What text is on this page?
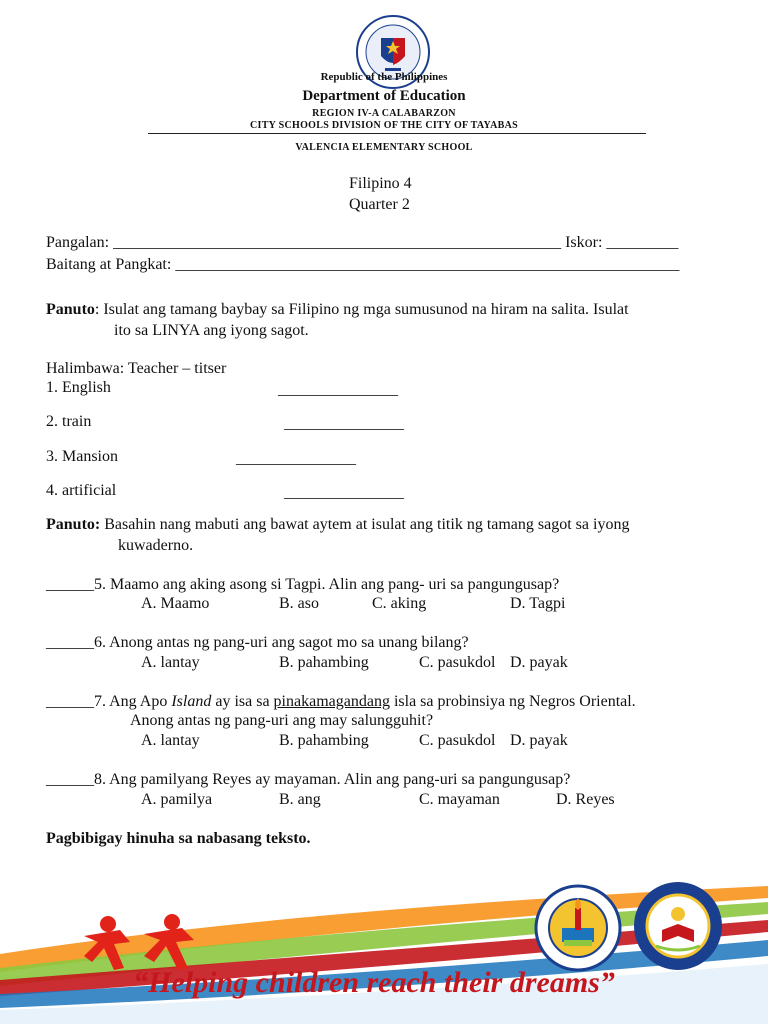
Republic of the Philippines
Department of Education
REGION IV-A CALABARZON
CITY SCHOOLS DIVISION OF THE CITY OF TAYABAS
VALENCIA ELEMENTARY SCHOOL
Filipino 4
Quarter 2
Pangalan: ________________________________________________________ Iskor: _________
Baitang at Pangkat: _______________________________________________________________
Panuto: Isulat ang tamang baybay sa Filipino ng mga sumusunod na hiram na salita. Isulat
ito sa LINYA ang iyong sagot.
Halimbawa: Teacher – titser
1. English	_______________
2. train	_______________
3. Mansion	_______________
4. artificial	_______________
Panuto: Basahin nang mabuti ang bawat aytem at isulat ang titik ng tamang sagot sa iyong
kuwaderno.
______5. Maamo ang aking asong si Tagpi. Alin ang pang- uri sa pangungusap?
A. Maamo	B. aso	C. aking	D. Tagpi
______6. Anong antas ng pang-uri ang sagot mo sa unang bilang?
A. lantay	B. pahambing	C. pasukdol D. payak
______7. Ang Apo Island ay isa sa pinakamagandang isla sa probinsiya ng Negros Oriental.
Anong antas ng pang-uri ang may salungguhit?
A. lantay	B. pahambing	C. pasukdol D. payak
______8. Ang pamilyang Reyes ay mayaman. Alin ang pang-uri sa pangungusap?
A. pamilya	B. ang	C. mayaman	D. Reyes
Pagbibigay hinuha sa nabasang teksto.
“Helping children reach their dreams”
